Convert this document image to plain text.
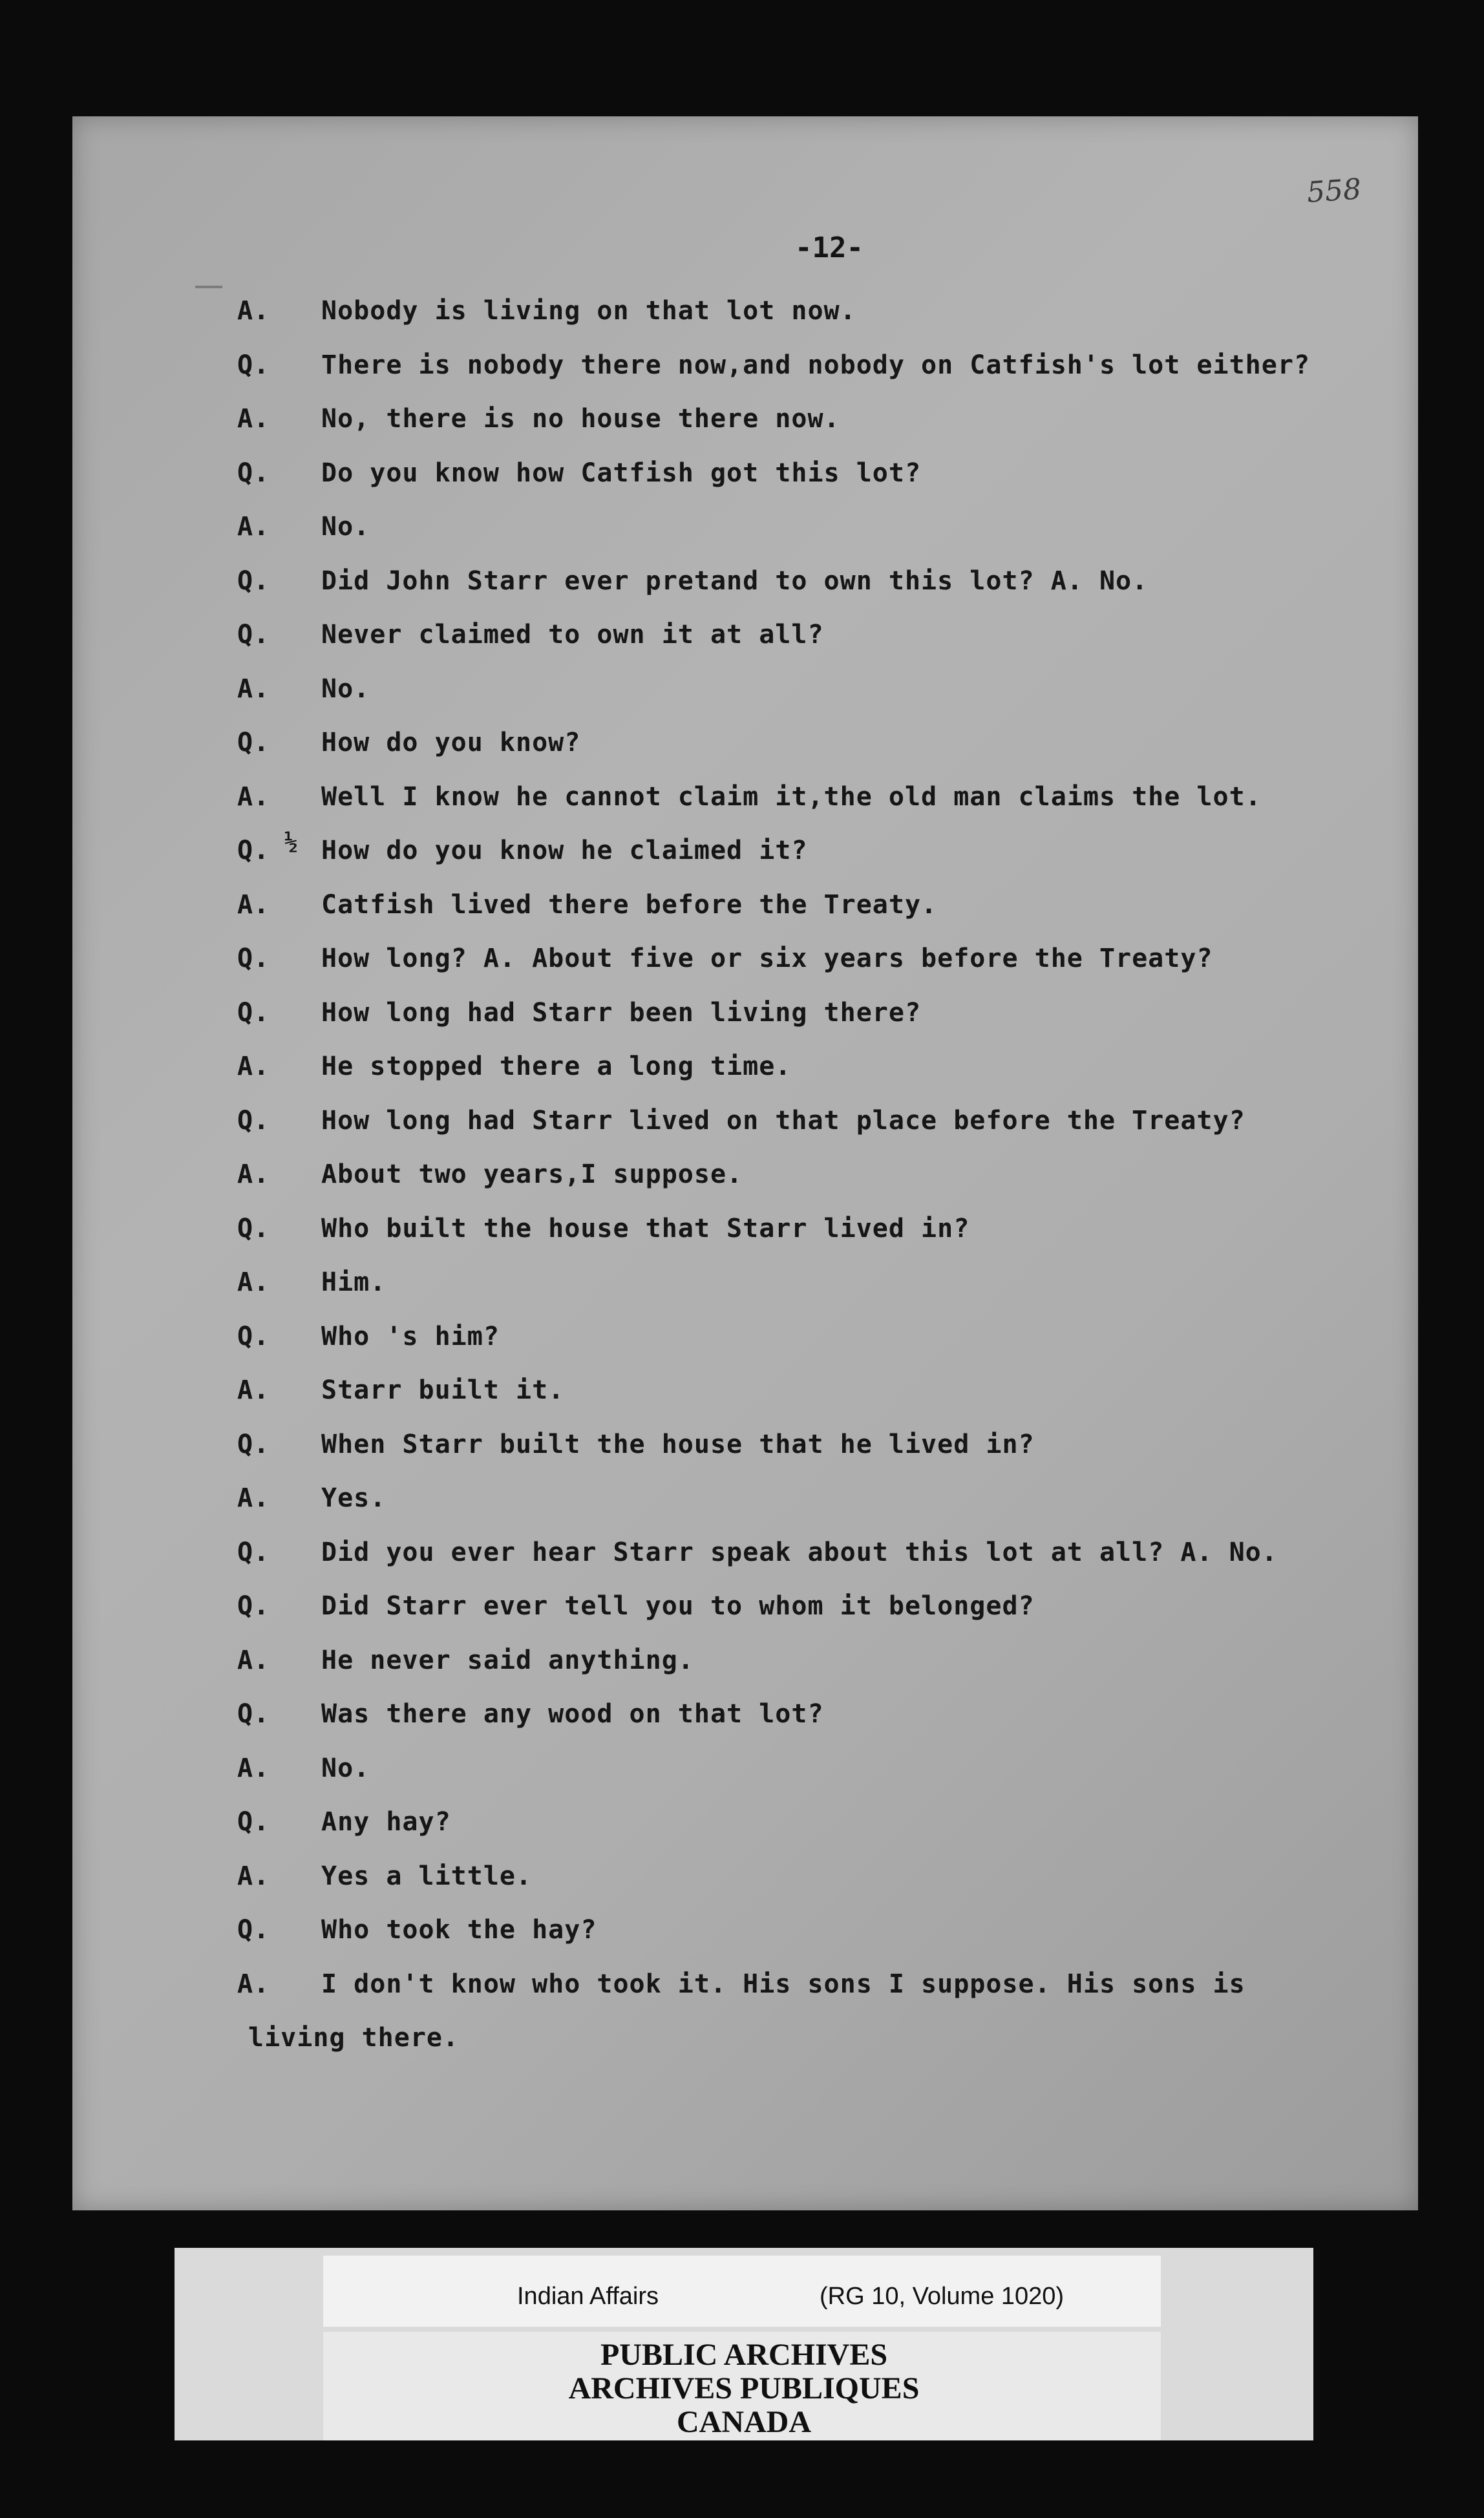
558
-12-
A. Nobody is living on that lot now.
Q. There is nobody there now,and nobody on Catfish's lot either?
A. No, there is no house there now.
Q. Do you know how Catfish got this lot?
A. No.
Q. Did John Starr ever pretand to own this lot? A. No.
Q. Never claimed to own it at all?
A. No.
Q. How do you know?
A. Well I know he cannot claim it,the old man claims the lot.
Q. ½ How do you know he claimed it?
A. Catfish lived there before the Treaty.
Q. How long? A. About five or six years before the Treaty?
Q. How long had Starr been living there?
A. He stopped there a long time.
Q. How long had Starr lived on that place before the Treaty?
A. About two years,I suppose.
Q. Who built the house that Starr lived in?
A. Him.
Q. Who 's him?
A. Starr built it.
Q. When Starr built the house that he lived in?
A. Yes.
Q. Did you ever hear Starr speak about this lot at all? A. No.
Q. Did Starr ever tell you to whom it belonged?
A. He never said anything.
Q. Was there any wood on that lot?
A. No.
Q. Any hay?
A. Yes a little.
Q. Who took the hay?
A. I don't know who took it. His sons I suppose. His sons is
living there.
Indian Affairs	(RG 10, Volume 1020)
PUBLIC ARCHIVES
ARCHIVES PUBLIQUES
CANADA
